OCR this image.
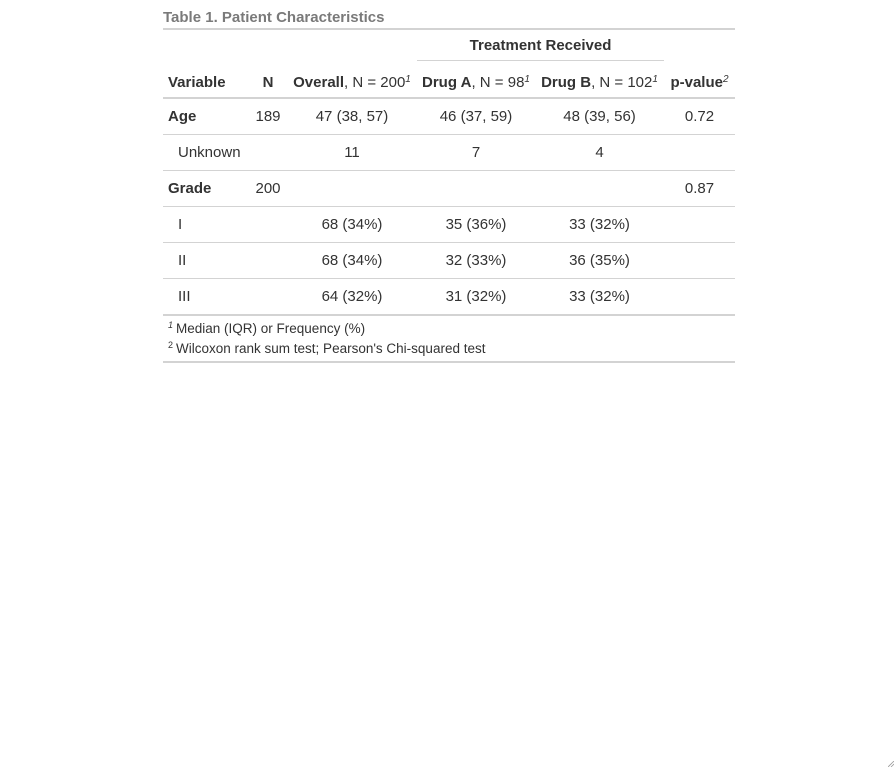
Table 1. Patient Characteristics

			Treatment Received		

Variable	N	Overall, $N = 200^1$	Drug A, $N = 98^1$	Drug B, $N = 102^1$	p-value$^2$
Age	189	47 (38, 57)	46 (37, 59)	48 (39, 56)	0.72
Unknown		11	7	4	
Grade	200				0.87
I		68 (34%)	35 (36%)	33 (32%)	
II		68 (34%)	32 (33%)	36 (35%)	
III		64 (32%)	31 (32%)	33 (32%)	
$^1$ Median (IQR) or Frequency (%)
$^2$ Wilcoxon rank sum test; Pearson's Chi-squared test
